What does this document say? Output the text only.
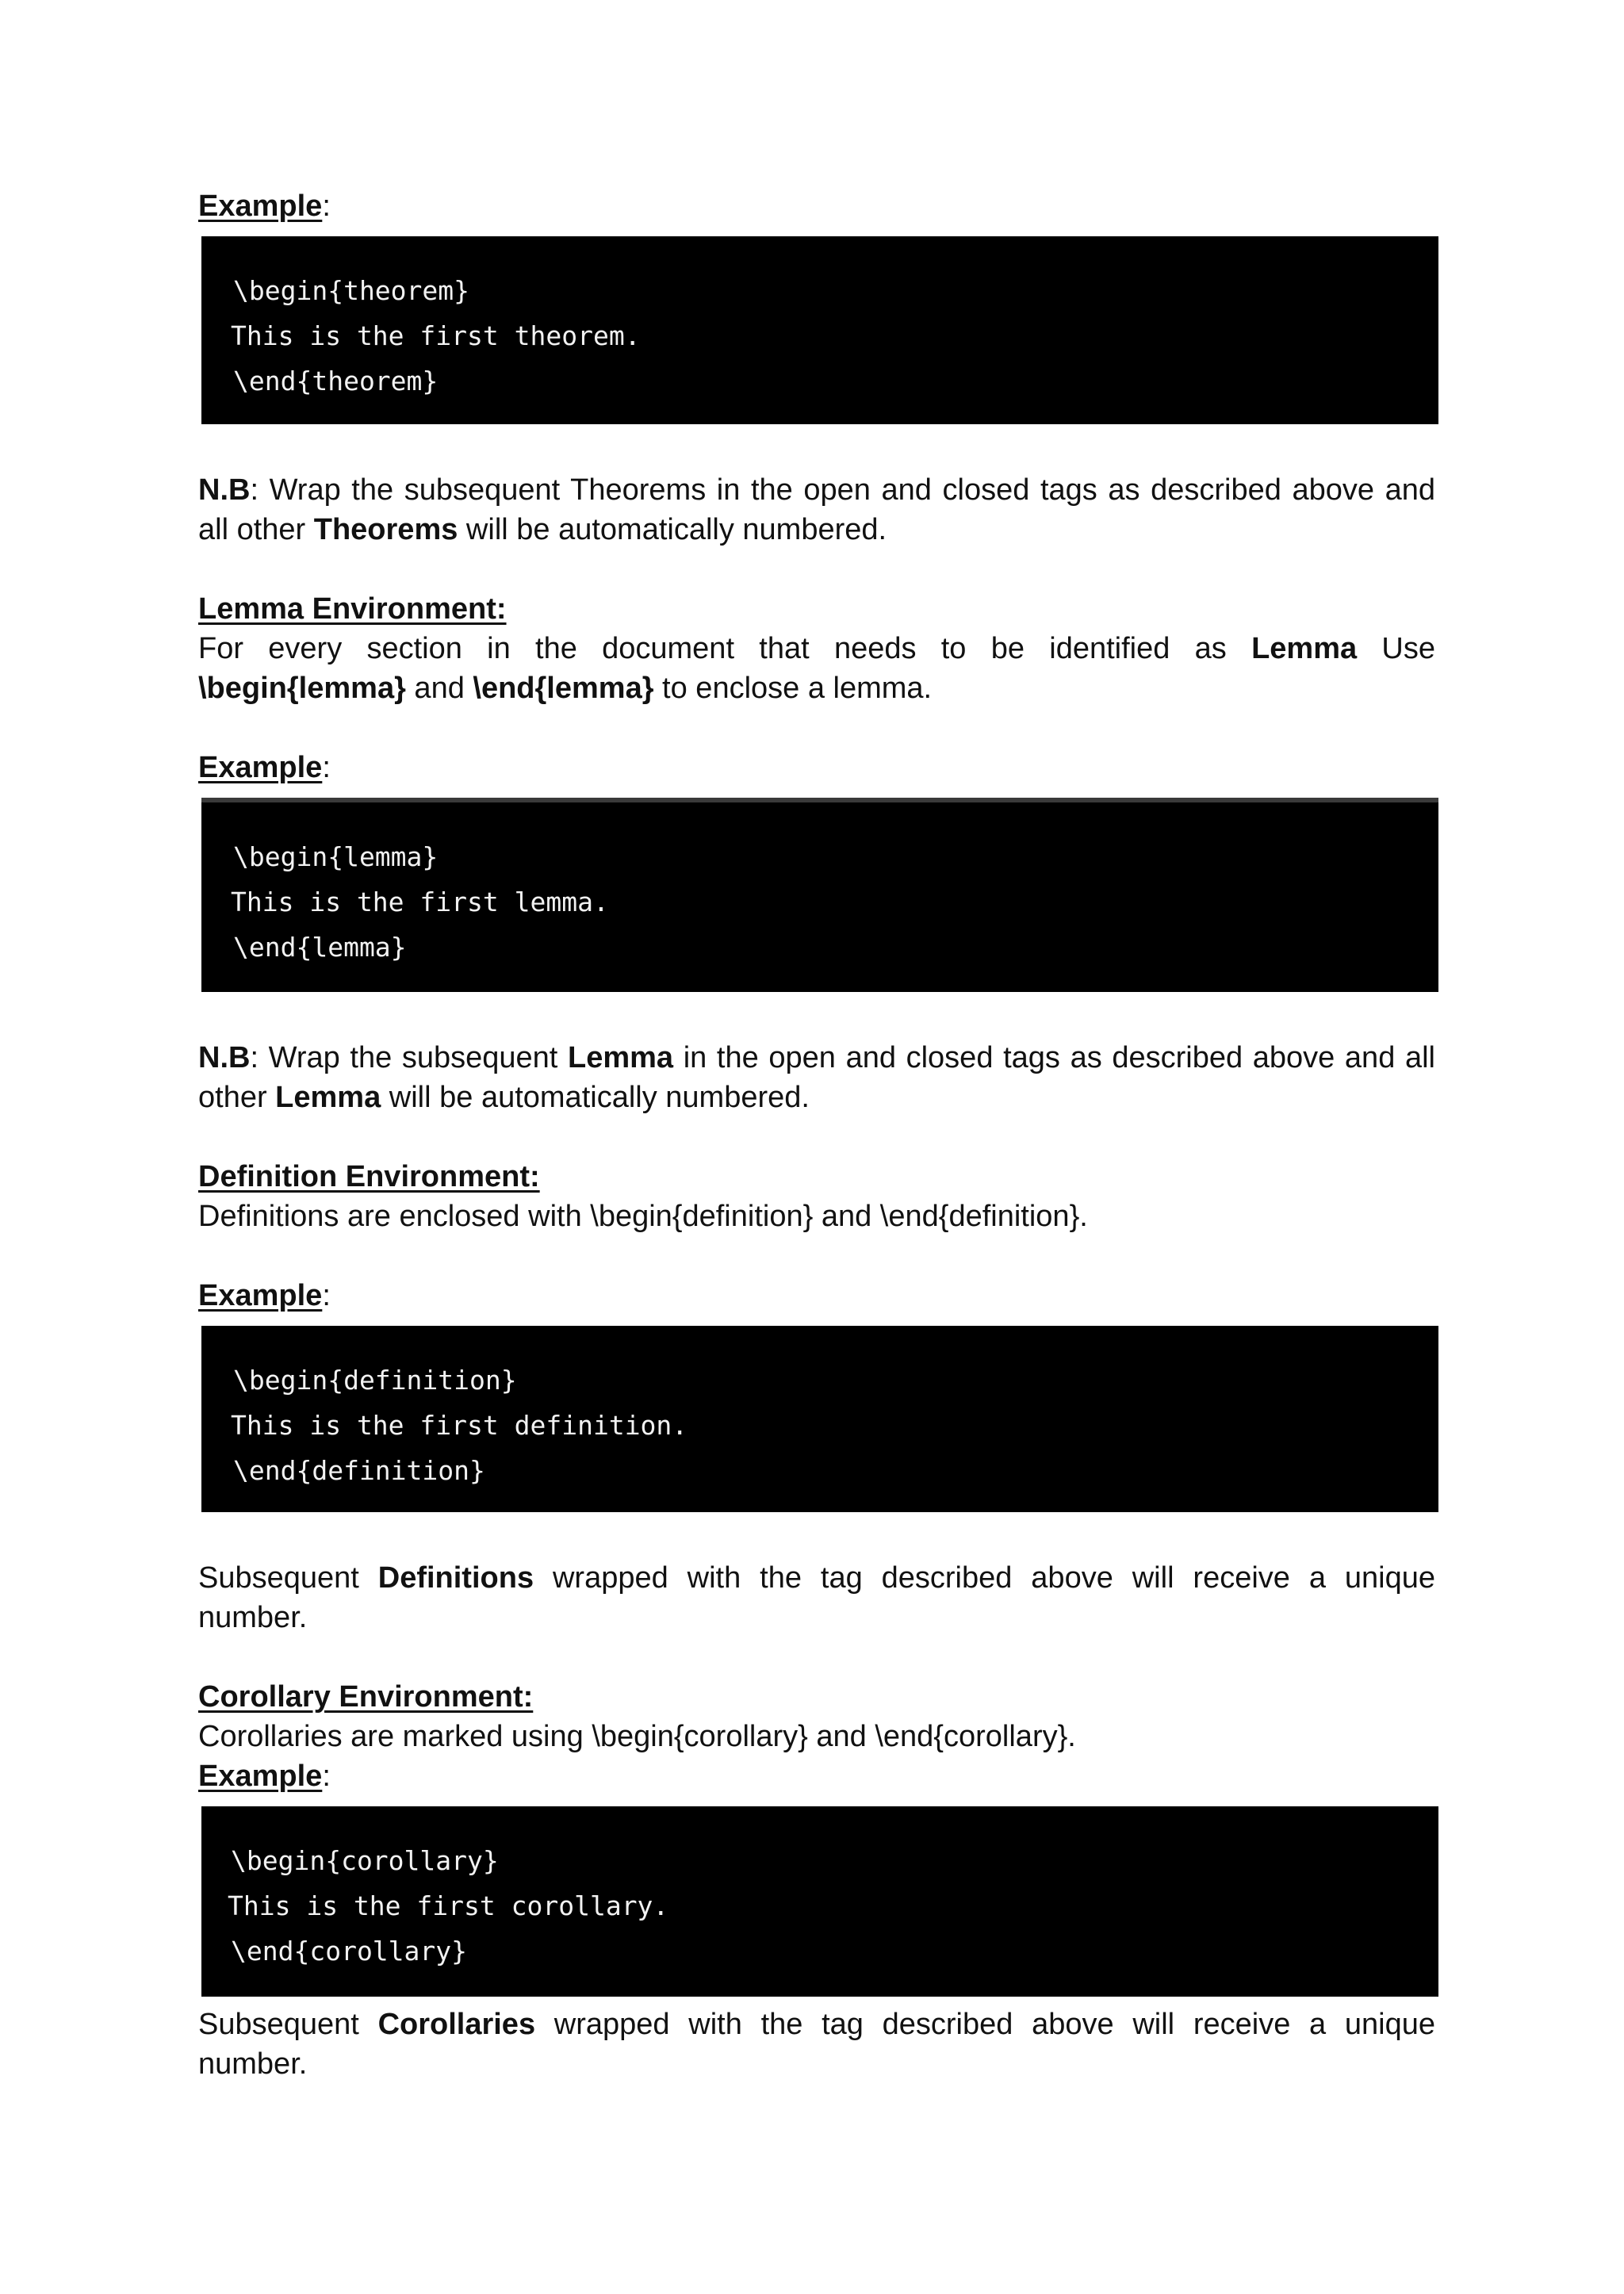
Example:

\begin{theorem}
This is the first theorem.
\end{theorem}

N.B: Wrap the subsequent Theorems in the open and closed tags as described above and all other Theorems will be automatically numbered.

Lemma Environment:

For every section in the document that needs to be identified as Lemma Use \begin{lemma} and \end{lemma} to enclose a lemma.

Example:

\begin{lemma}
This is the first lemma.
\end{lemma}

N.B: Wrap the subsequent Lemma in the open and closed tags as described above and all other Lemma will be automatically numbered.

Definition Environment:

Definitions are enclosed with \begin{definition} and \end{definition}.

Example:

\begin{definition}
This is the first definition.
\end{definition}

Subsequent Definitions wrapped with the tag described above will receive a unique number.

Corollary Environment:

Corollaries are marked using \begin{corollary} and \end{corollary}.

Example:

\begin{corollary}
This is the first corollary.
\end{corollary}

Subsequent Corollaries wrapped with the tag described above will receive a unique number.
